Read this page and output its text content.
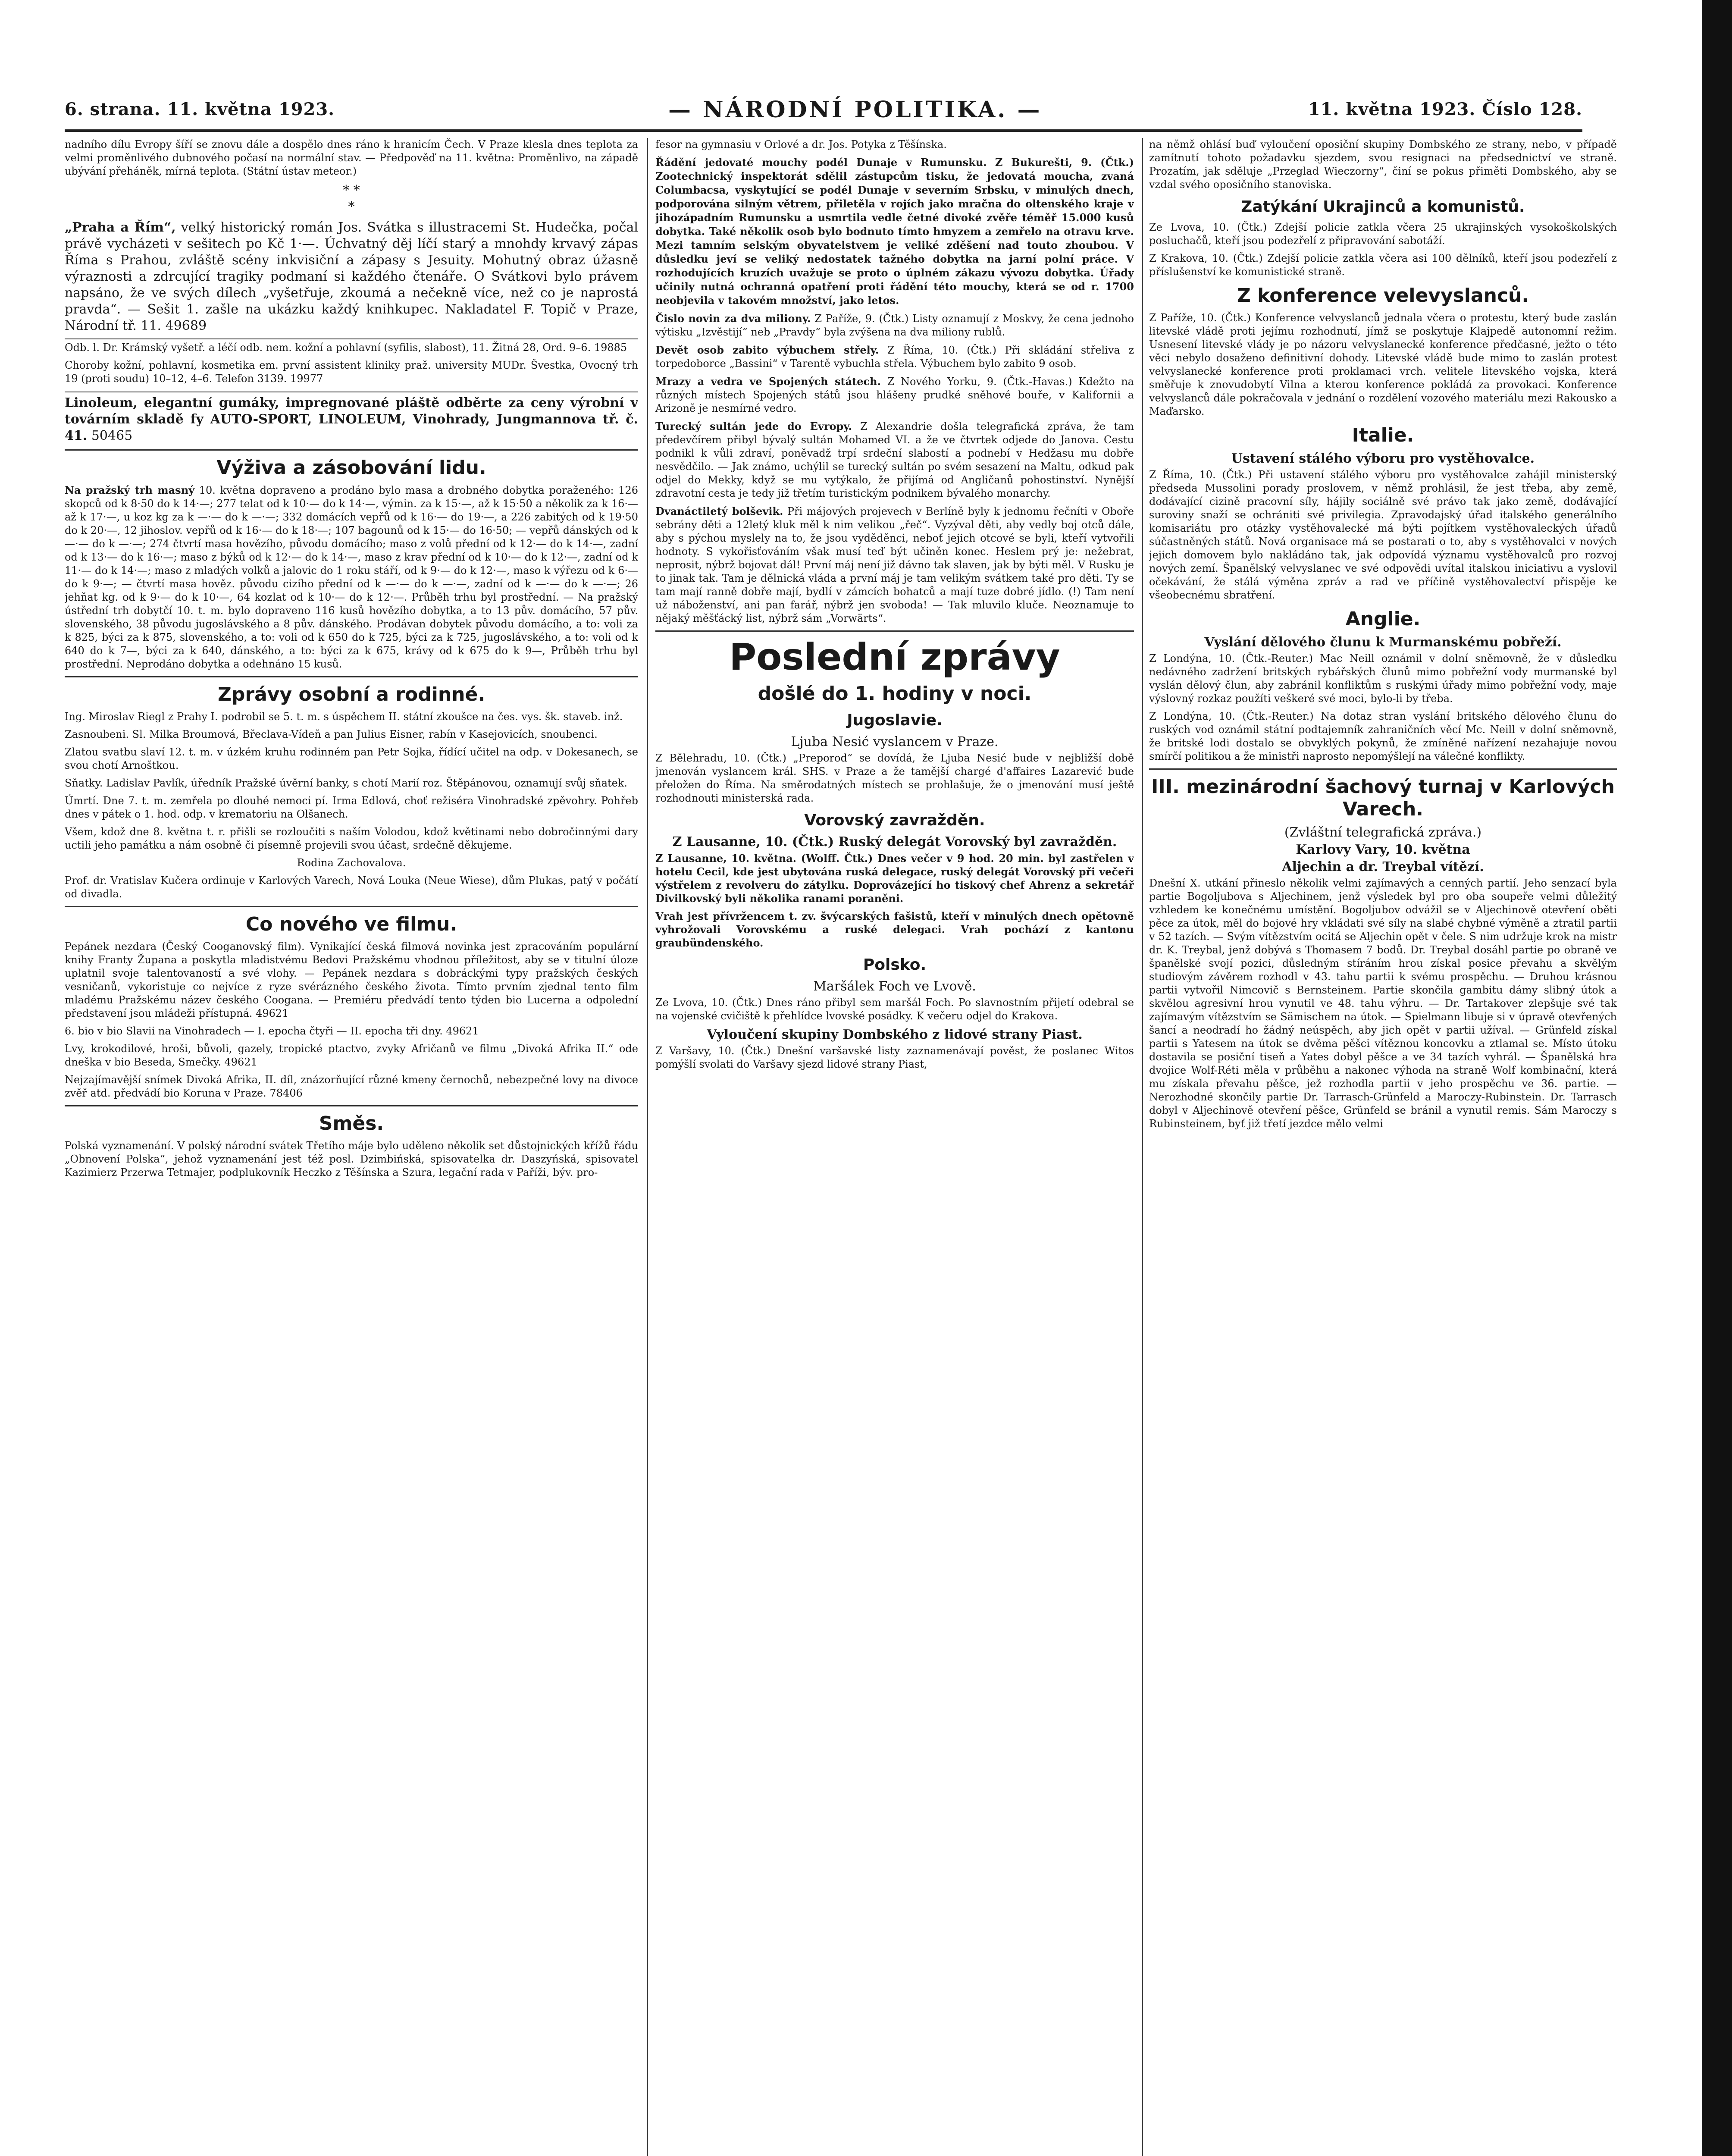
6. strana. 11. května 1923.	— NÁRODNÍ POLITIKA. —	11. května 1923. Číslo 128.

nadního dílu Evropy šíří se znovu dále a dospělo dnes ráno k hranicím Čech. V Praze klesla dnes teplota za velmi proměnlivého dubnového počasí na normální stav. — Předpověď na 11. května: Proměnlivo, na západě ubývání přeháněk, mírná teplota. (Státní ústav meteor.)

* *
*

„Praha a Řím“, velký historický román Jos. Svátka s illustracemi St. Hudečka, počal právě vycházeti v sešitech po Kč 1·—. Úchvatný děj líčí starý a mnohdy krvavý zápas Říma s Prahou, zvláště scény inkvisiční a zápasy s Jesuity. Mohutný obraz úžasně výraznosti a zdrcující tragiky podmaní si každého čtenáře. O Svátkovi bylo právem napsáno, že ve svých dílech „vyšetřuje, zkoumá a nečekně více, než co je naprostá pravda“. — Sešit 1. zašle na ukázku každý knihkupec. Nakladatel F. Topič v Praze, Národní tř. 11. 49689

Odb. l. Dr. Krámský vyšetř. a léčí odb. nem. kožní a pohlavní (syfilis, slabost), 11. Žitná 28, Ord. 9–6. 19885

Choroby kožní, pohlavní, kosmetika em. první assistent kliniky praž. university MUDr. Švestka, Ovocný trh 19 (proti soudu) 10–12, 4–6. Telefon 3139. 19977

Linoleum, elegantní gumáky, impregnované pláště odběrte za ceny výrobní v továrním skladě fy AUTO-SPORT, LINOLEUM, Vinohrady, Jungmannova tř. č. 41. 50465

Výživa a zásobování lidu.

Na pražský trh masný 10. května dopraveno a prodáno bylo masa a drobného dobytka poraženého: 126 skopců od k 8·50 do k 14·—; 277 telat od k 10·— do k 14·—, výmin. za k 15·—, až k 15·50 a několik za k 16·— až k 17·—, u koz kg za k —·— do k —·—; 332 domácích vepřů od k 16·— do 19·—, a 226 zabitých od k 19·50 do k 20·—, 12 jihoslov. vepřů od k 16·— do k 18·—; 107 bagounů od k 15·— do 16·50; — vepřů dánských od k —·— do k —·—; 274 čtvrtí masa hovězího, původu domácího; maso z volů přední od k 12·— do k 14·—, zadní od k 13·— do k 16·—; maso z býků od k 12·— do k 14·—, maso z krav přední od k 10·— do k 12·—, zadní od k 11·— do k 14·—; maso z mladých volků a jalovic do 1 roku stáří, od k 9·— do k 12·—, maso k výřezu od k 6·— do k 9·—; — čtvrtí masa hověz. původu cizího přední od k —·— do k —·—, zadní od k —·— do k —·—; 26 jehňat kg. od k 9·— do k 10·—, 64 kozlat od k 10·— do k 12·—. Průběh trhu byl prostřední. — Na pražský ústřední trh dobytčí 10. t. m. bylo dopraveno 116 kusů hovězího dobytka, a to 13 pův. domácího, 57 pův. slovenského, 38 původu jugoslávského a 8 pův. dánského. Prodávan dobytek původu domácího, a to: voli za k 825, býci za k 875, slovenského, a to: voli od k 650 do k 725, býci za k 725, jugoslávského, a to: voli od k 640 do k 7—, býci za k 640, dánského, a to: býci za k 675, krávy od k 675 do k 9—, Průběh trhu byl prostřední. Neprodáno dobytka a odehnáno 15 kusů.

Zprávy osobní a rodinné.

Ing. Miroslav Riegl z Prahy I. podrobil se 5. t. m. s úspěchem II. státní zkoušce na čes. vys. šk. staveb. inž.

Zasnoubeni. Sl. Milka Broumová, Břeclava-Vídeň a pan Julius Eisner, rabín v Kasejovicích, snoubenci.

Zlatou svatbu slaví 12. t. m. v úzkém kruhu rodinném pan Petr Sojka, řídící učitel na odp. v Dokesanech, se svou chotí Arnoštkou.

Sňatky. Ladislav Pavlík, úředník Pražské úvěrní banky, s chotí Marií roz. Štěpánovou, oznamují svůj sňatek.

Úmrtí. Dne 7. t. m. zemřela po dlouhé nemoci pí. Irma Edlová, choť režiséra Vinohradské zpěvohry. Pohřeb dnes v pátek o 1. hod. odp. v krematoriu na Olšanech.

Všem, kdož dne 8. května t. r. přišli se rozloučiti s naším Volodou, kdož květinami nebo dobročinnými dary uctili jeho památku a nám osobně či písemně projevili svou účast, srdečně děkujeme.

Rodina Zachovalova.

Prof. dr. Vratislav Kučera ordinuje v Karlových Varech, Nová Louka (Neue Wiese), dům Plukas, patý v počátí od divadla.

Co nového ve filmu.

Pepánek nezdara (Český Cooganovský film). Vynikající česká filmová novinka jest zpracováním populární knihy Franty Župana a poskytla mladistvému Bedovi Pražskému vhodnou příležitost, aby se v titulní úloze uplatnil svoje talentovaností a své vlohy. — Pepánek nezdara s dobráckými typy pražských českých vesničanů, vykoristuje co nejvíce z ryze svérázného českého života. Tímto prvním zjednal tento film mladému Pražskému název českého Coogana. — Premiéru předvádí tento týden bio Lucerna a odpolední představení jsou mládeži přístupná. 49621

6. bio v bio Slavii na Vinohradech — I. epocha čtyři — II. epocha tři dny. 49621

Lvy, krokodilové, hroši, bůvoli, gazely, tropické ptactvo, zvyky Afričanů ve filmu „Divoká Afrika II.“ ode dneška v bio Beseda, Smečky. 49621

Nejzajímavější snímek Divoká Afrika, II. díl, znázorňující různé kmeny černochů, nebezpečné lovy na divoce zvěř atd. předvádí bio Koruna v Praze. 78406

Směs.

Polská vyznamenání. V polský národní svátek Třetího máje bylo uděleno několik set důstojnických křížů řádu „Obnovení Polska“, jehož vyznamenání jest též posl. Dzimbińská, spisovatelka dr. Daszyńská, spisovatel Kazimierz Przerwa Tetmajer, podplukovník Heczko z Těšínska a Szura, legační rada v Paříži, býv. pro-

fesor na gymnasiu v Orlové a dr. Jos. Potyka z Těšínska.

Řádění jedovaté mouchy podél Dunaje v Rumunsku. Z Bukurešti, 9. (Čtk.) Zootechnický inspektorát sdělil zástupcům tisku, že jedovatá moucha, zvaná Columbacsa, vyskytující se podél Dunaje v severním Srbsku, v minulých dnech, podporována silným větrem, přiletěla v rojích jako mračna do oltenského kraje v jihozápadním Rumunsku a usmrtila vedle četné divoké zvěře téměř 15.000 kusů dobytka. Také několik osob bylo bodnuto tímto hmyzem a zemřelo na otravu krve. Mezi tamním selským obyvatelstvem je veliké zděšení nad touto zhoubou. V důsledku jeví se veliký nedostatek tažného dobytka na jarní polní práce. V rozhodujících kruzích uvažuje se proto o úplném zákazu vývozu dobytka. Úřady učinily nutná ochranná opatření proti řádění této mouchy, která se od r. 1700 neobjevila v takovém množství, jako letos.

Čislo novin za dva miliony. Z Paříže, 9. (Čtk.) Listy oznamují z Moskvy, že cena jednoho výtisku „Izvěstijí“ neb „Pravdy“ byla zvýšena na dva miliony rublů.

Devět osob zabito výbuchem střely. Z Říma, 10. (Čtk.) Při skládání střeliva z torpedoborce „Bassini“ v Tarentě vybuchla střela. Výbuchem bylo zabito 9 osob.

Mrazy a vedra ve Spojených státech. Z Nového Yorku, 9. (Čtk.-Havas.) Kdežto na různých místech Spojených států jsou hlášeny prudké sněhové bouře, v Kalifornii a Arizoně je nesmírné vedro.

Turecký sultán jede do Evropy. Z Alexandrie došla telegrafická zpráva, že tam předevčírem přibyl bývalý sultán Mohamed VI. a že ve čtvrtek odjede do Janova. Cestu podnikl k vůli zdraví, poněvadž trpí srdeční slabostí a podnebí v Hedžasu mu dobře nesvědčilo. — Jak známo, uchýlil se turecký sultán po svém sesazení na Maltu, odkud pak odjel do Mekky, když se mu vytýkalo, že přijímá od Angličanů pohostinství. Nynější zdravotní cesta je tedy již třetím turistickým podnikem bývalého monarchy.

Dvanáctiletý bolševik. Při májových projevech v Berlíně byly k jednomu řečníti v Oboře sebrány děti a 12letý kluk měl k nim velikou „řeč“. Vyzýval děti, aby vedly boj otců dále, aby s pýchou myslely na to, že jsou vyděděnci, neboť jejich otcové se byli, kteří vytvořili hodnoty. S vykořisťováním však musí teď být učiněn konec. Heslem prý je: nežebrat, neprosit, nýbrž bojovat dál! První máj není již dávno tak slaven, jak by býti měl. V Rusku je to jinak tak. Tam je dělnická vláda a první máj je tam velikým svátkem také pro děti. Ty se tam mají ranně dobře mají, bydlí v zámcích bohatců a mají tuze dobré jídlo. (!) Tam není už náboženství, ani pan farář, nýbrž jen svoboda! — Tak mluvilo kluče. Neoznamuje to nějaký měšťácký list, nýbrž sám „Vorwärts“.

Poslední zprávy
došlé do 1. hodiny v noci.
Jugoslavie.
Ljuba Nesić vyslancem v Praze.

Z Bělehradu, 10. (Čtk.) „Preporod“ se dovídá, že Ljuba Nesić bude v nejbližší době jmenován vyslancem král. SHS. v Praze a že tamější chargé d'affaires Lazarević bude přeložen do Říma. Na směrodatných místech se prohlašuje, že o jmenování musí ještě rozhodnouti ministerská rada.

Vorovský zavražděn.
Z Lausanne, 10. (Čtk.) Ruský delegát Vorovský byl zavražděn.

Z Lausanne, 10. května. (Wolff. Čtk.) Dnes večer v 9 hod. 20 min. byl zastřelen v hotelu Cecil, kde jest ubytována ruská delegace, ruský delegát Vorovský při večeři výstřelem z revolveru do zátylku. Doprovázející ho tiskový chef Ahrenz a sekretář Divilkovský byli několika ranami poraněni.

Vrah jest přívržencem t. zv. švýcarských fašistů, kteří v minulých dnech opětovně vyhrožovali Vorovskému a ruské delegaci. Vrah pochází z kantonu graubündenského.

Polsko.
Maršálek Foch ve Lvově.

Ze Lvova, 10. (Čtk.) Dnes ráno přibyl sem maršál Foch. Po slavnostním přijetí odebral se na vojenské cvičiště k přehlídce lvovské posádky. K večeru odjel do Krakova.

Vyloučení skupiny Dombského z lidové strany Piast.

Z Varšavy, 10. (Čtk.) Dnešní varšavské listy zaznamenávají pověst, že poslanec Witos pomýšlí svolati do Varšavy sjezd lidové strany Piast,

na němž ohlásí buď vyloučení oposiční skupiny Dombského ze strany, nebo, v případě zamítnutí tohoto požadavku sjezdem, svou resignaci na předsednictví ve straně. Prozatím, jak sděluje „Przeglad Wieczorny“, činí se pokus přiměti Dombského, aby se vzdal svého oposičního stanoviska.

Zatýkání Ukrajinců a komunistů.

Ze Lvova, 10. (Čtk.) Zdejší policie zatkla včera 25 ukrajinských vysokoškolských posluchačů, kteří jsou podezřelí z připravování sabotáží.

Z Krakova, 10. (Čtk.) Zdejší policie zatkla včera asi 100 dělníků, kteří jsou podezřelí z příslušenství ke komunistické straně.

Z konference velevyslanců.

Z Paříže, 10. (Čtk.) Konference velvyslanců jednala včera o protestu, který bude zaslán litevské vládě proti jejímu rozhodnutí, jímž se poskytuje Klajpedě autonomní režim. Usnesení litevské vlády je po názoru velvyslanecké konference předčasné, ježto o této věci nebylo dosaženo definitivní dohody. Litevské vládě bude mimo to zaslán protest velvyslanecké konference proti proklamaci vrch. velitele litevského vojska, která směřuje k znovudobytí Vilna a kterou konference pokládá za provokaci. Konference velvyslanců dále pokračovala v jednání o rozdělení vozového materiálu mezi Rakousko a Maďarsko.

Italie.
Ustavení stálého výboru pro vystěhovalce.

Z Říma, 10. (Čtk.) Při ustavení stálého výboru pro vystěhovalce zahájil ministerský předseda Mussolini porady proslovem, v němž prohlásil, že jest třeba, aby země, dodávající cizině pracovní síly, hájily sociálně své právo tak jako země, dodávající suroviny snaží se ochrániti své privilegia. Zpravodajský úřad italského generálního komisariátu pro otázky vystěhovalecké má býti pojítkem vystěhovaleckých úřadů súčastněných států. Nová organisace má se postarati o to, aby s vystěhovalci v nových jejich domovem bylo nakládáno tak, jak odpovídá významu vystěhovalců pro rozvoj nových zemí. Španělský velvyslanec ve své odpovědi uvítal italskou iniciativu a vyslovil očekávání, že stálá výměna zpráv a rad ve příčině vystěhovalectví přispěje ke všeobecnému sbratření.

Anglie.
Vyslání dělového člunu k Murmanskému pobřeží.

Z Londýna, 10. (Čtk.-Reuter.) Mac Neill oznámil v dolní sněmovně, že v důsledku nedávného zadržení britských rybářských člunů mimo pobřežní vody murmanské byl vyslán dělový člun, aby zabránil konfliktům s ruskými úřady mimo pobřežní vody, maje výslovný rozkaz použíti veškeré své moci, bylo-li by třeba.

Z Londýna, 10. (Čtk.-Reuter.) Na dotaz stran vyslání britského dělového člunu do ruských vod oznámil státní podtajemník zahraničních věcí Mc. Neill v dolní sněmovně, že britské lodi dostalo se obvyklých pokynů, že zmíněné nařízení nezahajuje novou smírčí politikou a že ministři naprosto nepomýšlejí na válečné konflikty.

III. mezinárodní šachový turnaj v Karlových Varech.
(Zvláštní telegrafická zpráva.)
Karlovy Vary, 10. května
Aljechin a dr. Treybal vítězí.

Dnešní X. utkání přineslo několik velmi zajímavých a cenných partií. Jeho senzací byla partie Bogoljubova s Aljechinem, jenž výsledek byl pro oba soupeře velmi důležitý vzhledem ke konečnému umístění. Bogoljubov odvážil se v Aljechinově otevření oběti pěce za útok, měl do bojové hry vkládati své síly na slabé chybné výměně a ztratil partii v 52 tazích. — Svým vítězstvím ocitá se Aljechin opět v čele. S nim udržuje krok na mistr dr. K. Treybal, jenž dobývá s Thomasem 7 bodů. Dr. Treybal dosáhl partie po obraně ve španělské svojí pozici, důsledným stíráním hrou získal posice převahu a skvělým studiovým závěrem rozhodl v 43. tahu partii k svému prospěchu. — Druhou krásnou partii vytvořil Nimcovič s Bernsteinem. Partie skončila gambitu dámy slibný útok a skvělou agresivní hrou vynutil ve 48. tahu výhru. — Dr. Tartakover zlepšuje své tak zajímavým vítězstvím se Sämischem na útok. — Spielmann libuje si v úpravě otevřených šancí a neodradí ho žádný neúspěch, aby jich opět v partii užíval. — Grünfeld získal partii s Yatesem na útok se dvěma pěšci vítěznou koncovku a ztlamal se. Místo útoku dostavila se posiční tiseň a Yates dobyl pěšce a ve 34 tazích vyhrál. — Španělská hra dvojice Wolf-Réti měla v průběhu a nakonec výhoda na straně Wolf kombinační, která mu získala převahu pěšce, jež rozhodla partii v jeho prospěchu ve 36. partie. — Nerozhodné skončily partie Dr. Tarrasch-Grünfeld a Maroczy-Rubinstein. Dr. Tarrasch dobyl v Aljechinově otevření pěšce, Grünfeld se bránil a vynutil remis. Sám Maroczy s Rubinsteinem, byť již třetí jezdce mělo velmi
